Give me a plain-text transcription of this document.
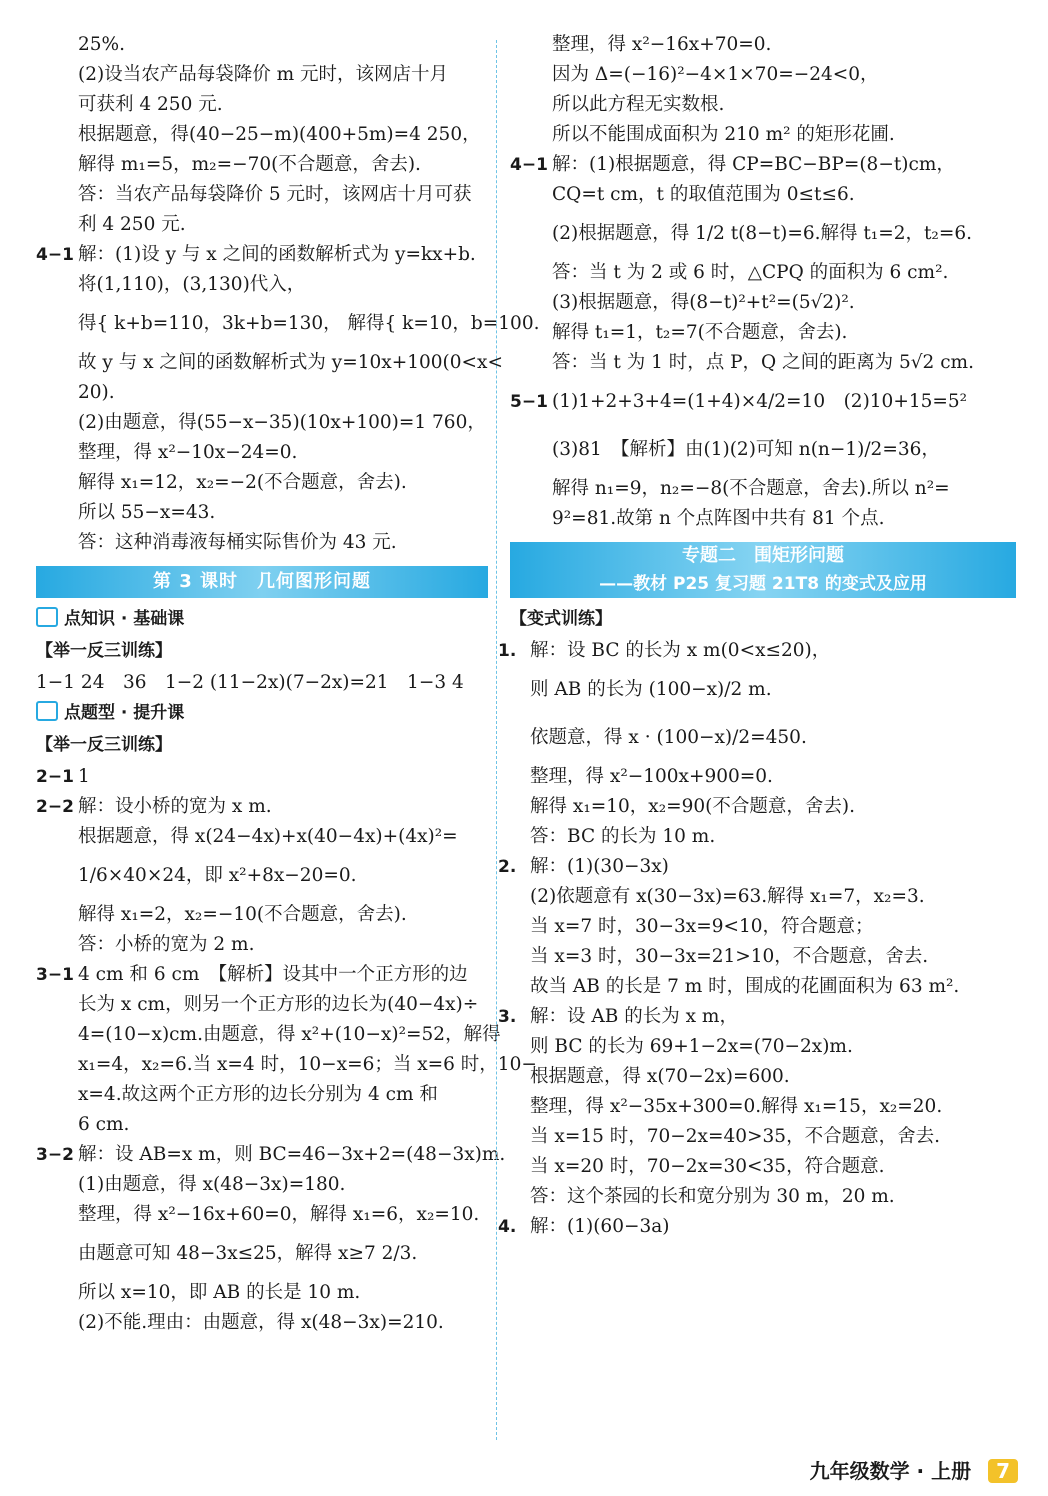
25%.
(2)设当农产品每袋降价 m 元时，该网店十月
可获利 4 250 元.
根据题意，得(40−25−m)(400+5m)=4 250，
解得 m₁=5，m₂=−70(不合题意，舍去).
答：当农产品每袋降价 5 元时，该网店十月可获
利 4 250 元.
4−1 解：(1)设 y 与 x 之间的函数解析式为 y=kx+b.
将(1,110)，(3,130)代入，
得{ k+b=110，3k+b=130， 解得{ k=10，b=100.
故 y 与 x 之间的函数解析式为 y=10x+100(0<x<
20).
(2)由题意，得(55−x−35)(10x+100)=1 760，
整理，得 x²−10x−24=0.
解得 x₁=12，x₂=−2(不合题意，舍去).
所以 55−x=43.
答：这种消毒液每桶实际售价为 43 元.
第 3 课时　几何图形问题
点知识 · 基础课
【举一反三训练】
1−1 24　36　1−2 (11−2x)(7−2x)=21　1−3 4
点题型 · 提升课
【举一反三训练】
2−1 1
2−2 解：设小桥的宽为 x m.
根据题意，得 x(24−4x)+x(40−4x)+(4x)²=
1/6×40×24，即 x²+8x−20=0.
解得 x₁=2，x₂=−10(不合题意，舍去).
答：小桥的宽为 2 m.
3−1 4 cm 和 6 cm　【解析】设其中一个正方形的边
长为 x cm，则另一个正方形的边长为(40−4x)÷
4=(10−x)cm.由题意，得 x²+(10−x)²=52，解得
x₁=4，x₂=6.当 x=4 时，10−x=6；当 x=6 时，10−
x=4.故这两个正方形的边长分别为 4 cm 和
6 cm.
3−2 解：设 AB=x m，则 BC=46−3x+2=(48−3x)m.
(1)由题意，得 x(48−3x)=180.
整理，得 x²−16x+60=0，解得 x₁=6，x₂=10.
由题意可知 48−3x≤25，解得 x≥7 2/3.
所以 x=10，即 AB 的长是 10 m.
(2)不能.理由：由题意，得 x(48−3x)=210.
整理，得 x²−16x+70=0.
因为 Δ=(−16)²−4×1×70=−24<0，
所以此方程无实数根.
所以不能围成面积为 210 m² 的矩形花圃.
4−1 解：(1)根据题意，得 CP=BC−BP=(8−t)cm，
CQ=t cm，t 的取值范围为 0≤t≤6.
(2)根据题意，得 1/2 t(8−t)=6.解得 t₁=2，t₂=6.
答：当 t 为 2 或 6 时，△CPQ 的面积为 6 cm².
(3)根据题意，得(8−t)²+t²=(5√2)².
解得 t₁=1，t₂=7(不合题意，舍去).
答：当 t 为 1 时，点 P，Q 之间的距离为 5√2 cm.
5−1 (1)1+2+3+4=(1+4)×4/2=10　(2)10+15=5²
(3)81　【解析】由(1)(2)可知 n(n−1)/2=36，
解得 n₁=9，n₂=−8(不合题意，舍去).所以 n²=
9²=81.故第 n 个点阵图中共有 81 个点.
专题二　围矩形问题
——教材 P25 复习题 21T8 的变式及应用
【变式训练】
1. 解：设 BC 的长为 x m(0<x≤20)，
则 AB 的长为 (100−x)/2 m.
依题意，得 x · (100−x)/2=450.
整理，得 x²−100x+900=0.
解得 x₁=10，x₂=90(不合题意，舍去).
答：BC 的长为 10 m.
2. 解：(1)(30−3x)
(2)依题意有 x(30−3x)=63.解得 x₁=7，x₂=3.
当 x=7 时，30−3x=9<10，符合题意；
当 x=3 时，30−3x=21>10，不合题意，舍去.
故当 AB 的长是 7 m 时，围成的花圃面积为 63 m².
3. 解：设 AB 的长为 x m，
则 BC 的长为 69+1−2x=(70−2x)m.
根据题意，得 x(70−2x)=600.
整理，得 x²−35x+300=0.解得 x₁=15，x₂=20.
当 x=15 时，70−2x=40>35，不合题意，舍去.
当 x=20 时，70−2x=30<35，符合题意.
答：这个茶园的长和宽分别为 30 m，20 m.
4. 解：(1)(60−3a)
九年级数学 · 上册 7
